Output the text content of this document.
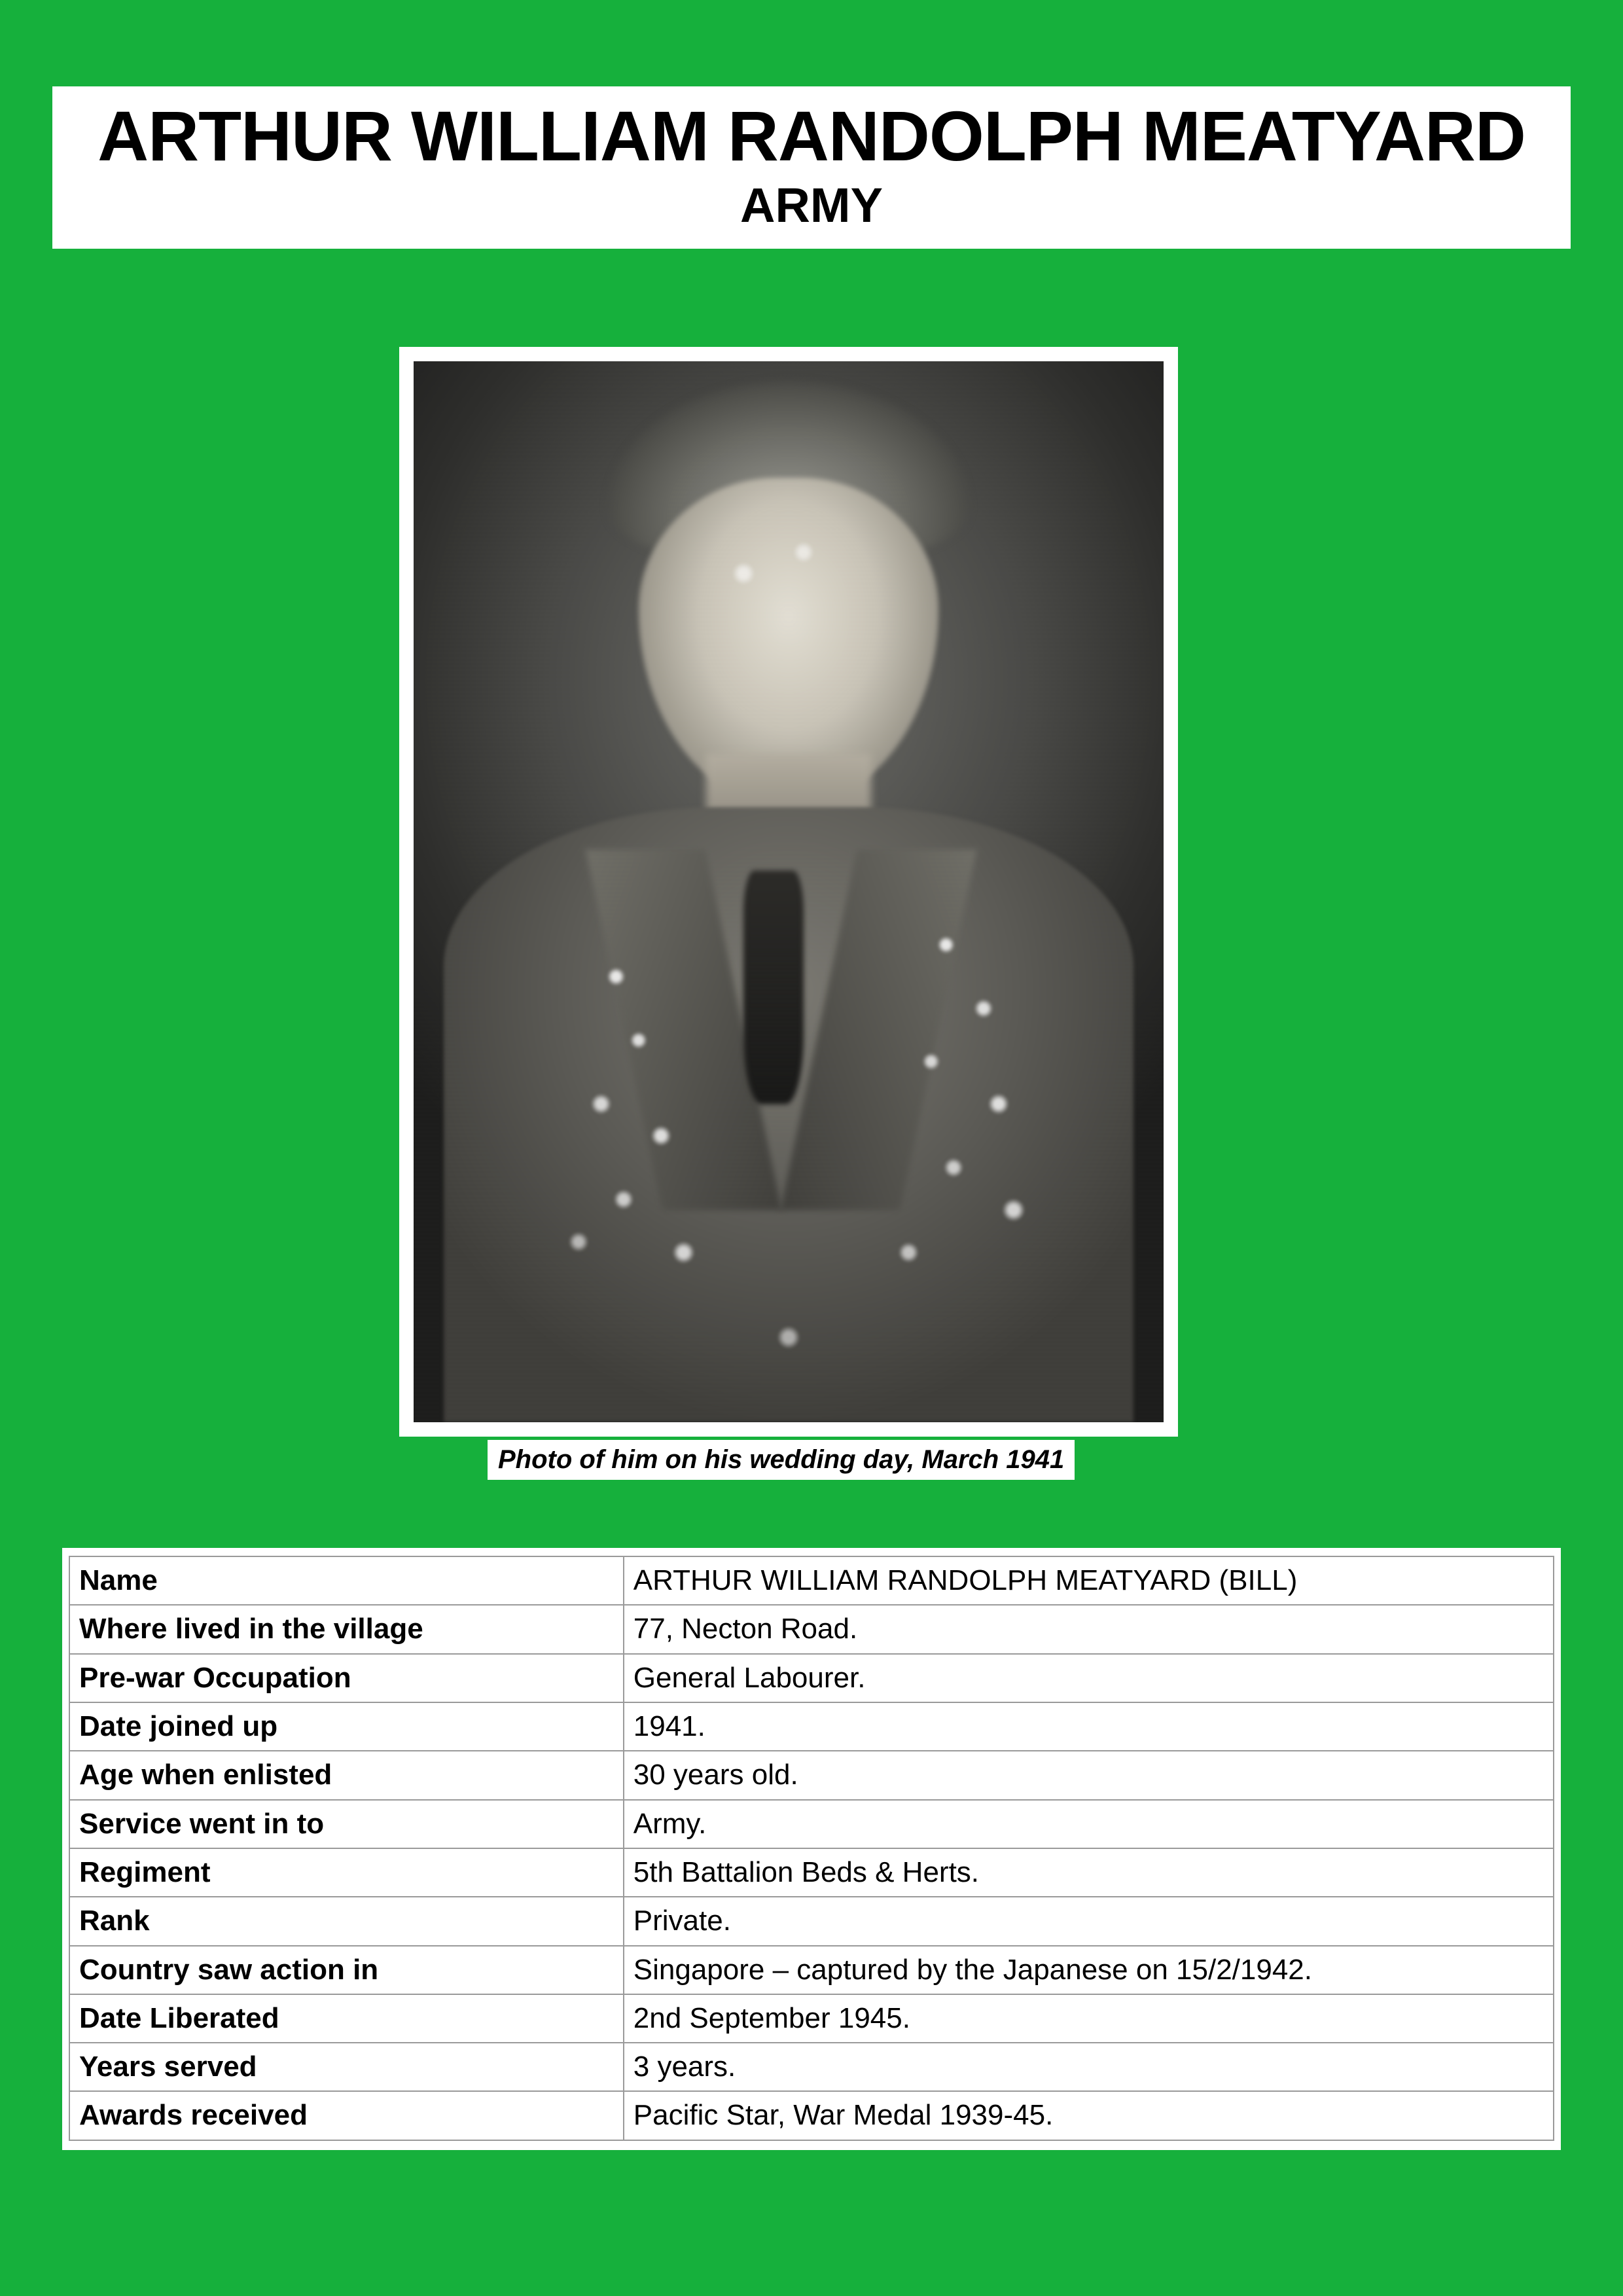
ARTHUR WILLIAM RANDOLPH MEATYARD
ARMY
Photo of him on his wedding day, March 1941
Name	ARTHUR WILLIAM RANDOLPH MEATYARD (BILL)
Where lived in the village	77, Necton Road.
Pre-war Occupation	General Labourer.
Date joined up	1941.
Age when enlisted	30 years old.
Service went in to	Army.
Regiment	5th Battalion Beds & Herts.
Rank	Private.
Country saw action in	Singapore – captured by the Japanese on 15/2/1942.
Date Liberated	2nd September 1945.
Years served	3 years.
Awards received	Pacific Star, War Medal 1939-45.
